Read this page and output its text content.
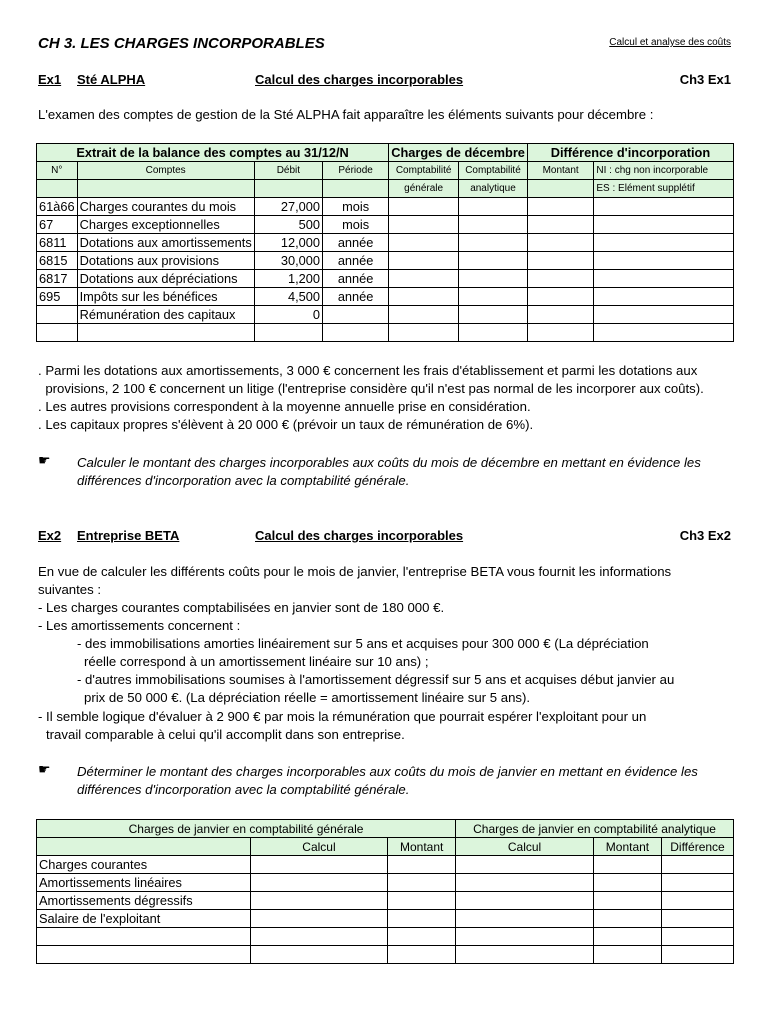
CH 3. LES CHARGES INCORPORABLES	Calcul et analyse des coûts
Ex1 Sté ALPHA	Calcul des charges incorporables	Ch3 Ex1
L'examen des comptes de gestion de la Sté ALPHA fait apparaître les éléments suivants pour décembre :
Extrait de la balance des comptes au 31/12/N				Charges de décembre		Différence d'incorporation	
N°	Comptes	Débit	Période	Comptabilité	Comptabilité	Montant	NI : chg non incorporable
				générale	analytique		ES : Elément supplétif
61à66	Charges courantes du mois	27,000	mois				
67	Charges exceptionnelles	500	mois				
6811	Dotations aux amortissements	12,000	année				
6815	Dotations aux provisions	30,000	année				
6817	Dotations aux dépréciations	1,200	année				
695	Impôts sur les bénéfices	4,500	année				
	Rémunération des capitaux	0					

. Parmi les dotations aux amortissements, 3 000 € concernent les frais d'établissement et parmi les dotations aux
provisions, 2 100 € concernent un litige (l'entreprise considère qu'il n'est pas normal de les incorporer aux coûts).
. Les autres provisions correspondent à la moyenne annuelle prise en considération.
. Les capitaux propres s'élèvent à 20 000 € (prévoir un taux de rémunération de 6%).
☛ Calculer le montant des charges incorporables aux coûts du mois de décembre en mettant en évidence les
différences d'incorporation avec la comptabilité générale.
Ex2 Entreprise BETA	Calcul des charges incorporables	Ch3 Ex2
En vue de calculer les différents coûts pour le mois de janvier, l'entreprise BETA vous fournit les informations
suivantes :
- Les charges courantes comptabilisées en janvier sont de 180 000 €.
- Les amortissements concernent :
- des immobilisations amorties linéairement sur 5 ans et acquises pour 300 000 € (La dépréciation
réelle correspond à un amortissement linéaire sur 10 ans) ;
- d'autres immobilisations soumises à l'amortissement dégressif sur 5 ans et acquises début janvier au
prix de 50 000 €. (La dépréciation réelle = amortissement linéaire sur 5 ans).
- Il semble logique d'évaluer à 2 900 € par mois la rémunération que pourrait espérer l'exploitant pour un
travail comparable à celui qu'il accomplit dans son entreprise.
☛ Déterminer le montant des charges incorporables aux coûts du mois de janvier en mettant en évidence les
différences d'incorporation avec la comptabilité générale.
Charges de janvier en comptabilité générale			Charges de janvier en comptabilité analytique		
	Calcul	Montant	Calcul	Montant	Différence
Charges courantes					
Amortissements linéaires					
Amortissements dégressifs					
Salaire de l'exploitant					
